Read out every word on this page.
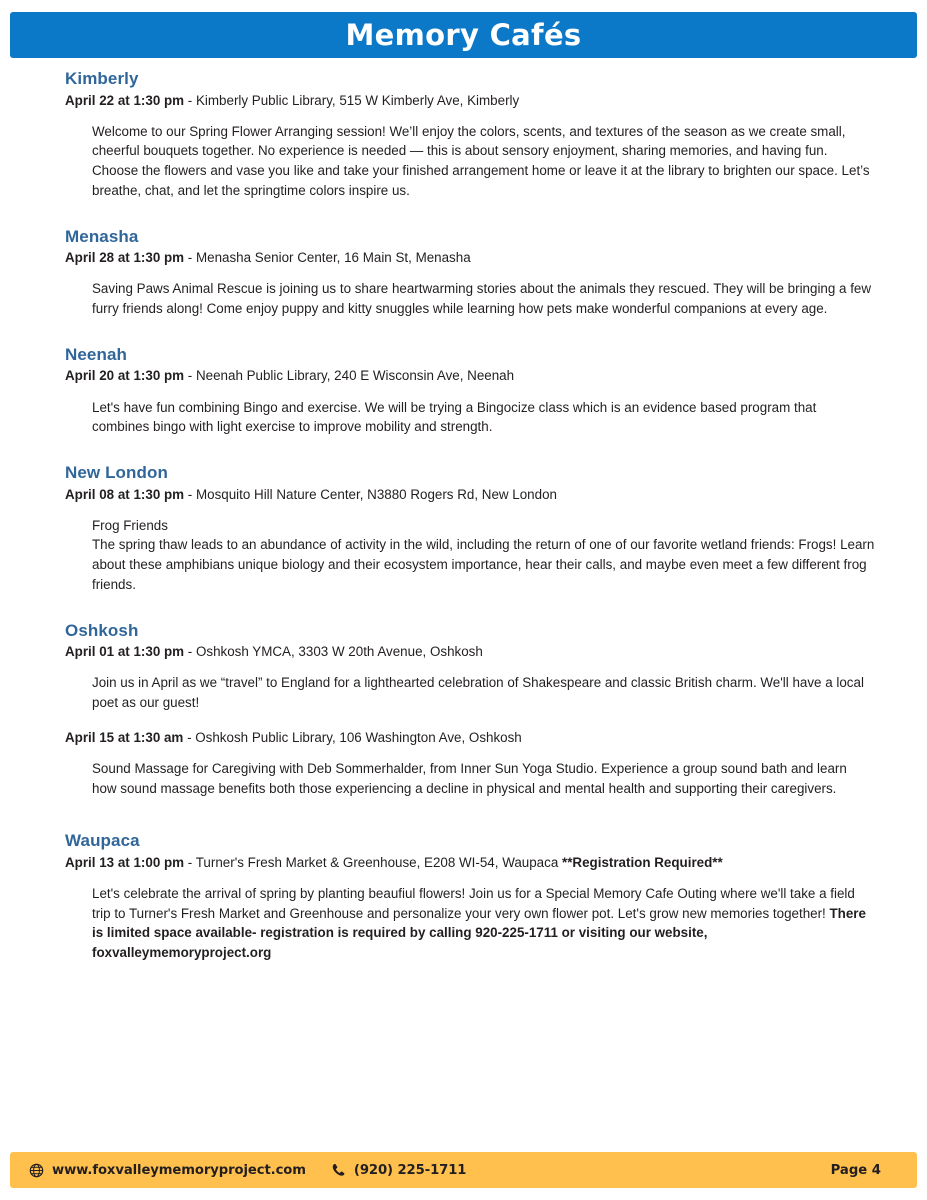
Memory Cafés
Kimberly

April 22 at 1:30 pm - Kimberly Public Library, 515 W Kimberly Ave, Kimberly

Welcome to our Spring Flower Arranging session! We’ll enjoy the colors, scents, and textures of the season as we create small, cheerful bouquets together. No experience is needed — this is about sensory enjoyment, sharing memories, and having fun. Choose the flowers and vase you like and take your finished arrangement home or leave it at the library to brighten our space. Let’s breathe, chat, and let the springtime colors inspire us.

Menasha

April 28 at 1:30 pm - Menasha Senior Center, 16 Main St, Menasha

Saving Paws Animal Rescue is joining us to share heartwarming stories about the animals they rescued. They will be bringing a few furry friends along! Come enjoy puppy and kitty snuggles while learning how pets make wonderful companions at every age.

Neenah

April 20 at 1:30 pm - Neenah Public Library, 240 E Wisconsin Ave, Neenah

Let's have fun combining Bingo and exercise. We will be trying a Bingocize class which is an evidence based program that combines bingo with light exercise to improve mobility and strength.

New London

April 08 at 1:30 pm - Mosquito Hill Nature Center, N3880 Rogers Rd, New London

Frog Friends
The spring thaw leads to an abundance of activity in the wild, including the return of one of our favorite wetland friends: Frogs! Learn about these amphibians unique biology and their ecosystem importance, hear their calls, and maybe even meet a few different frog friends.

Oshkosh

April 01 at 1:30 pm - Oshkosh YMCA, 3303 W 20th Avenue, Oshkosh

Join us in April as we “travel” to England for a lighthearted celebration of Shakespeare and classic British charm. We'll have a local poet as our guest!

April 15 at 1:30 am - Oshkosh Public Library, 106 Washington Ave, Oshkosh

Sound Massage for Caregiving with Deb Sommerhalder, from Inner Sun Yoga Studio. Experience a group sound bath and learn how sound massage benefits both those experiencing a decline in physical and mental health and supporting their caregivers.

Waupaca

April 13 at 1:00 pm - Turner's Fresh Market & Greenhouse, E208 WI-54, Waupaca **Registration Required**

Let's celebrate the arrival of spring by planting beaufiul flowers! Join us for a Special Memory Cafe Outing where we'll take a field trip to Turner's Fresh Market and Greenhouse and personalize your very own flower pot. Let's grow new memories together! There is limited space available- registration is required by calling 920-225-1711 or visiting our website, foxvalleymemoryproject.org

www.foxvalleymemoryproject.com	(920) 225-1711	Page 4
